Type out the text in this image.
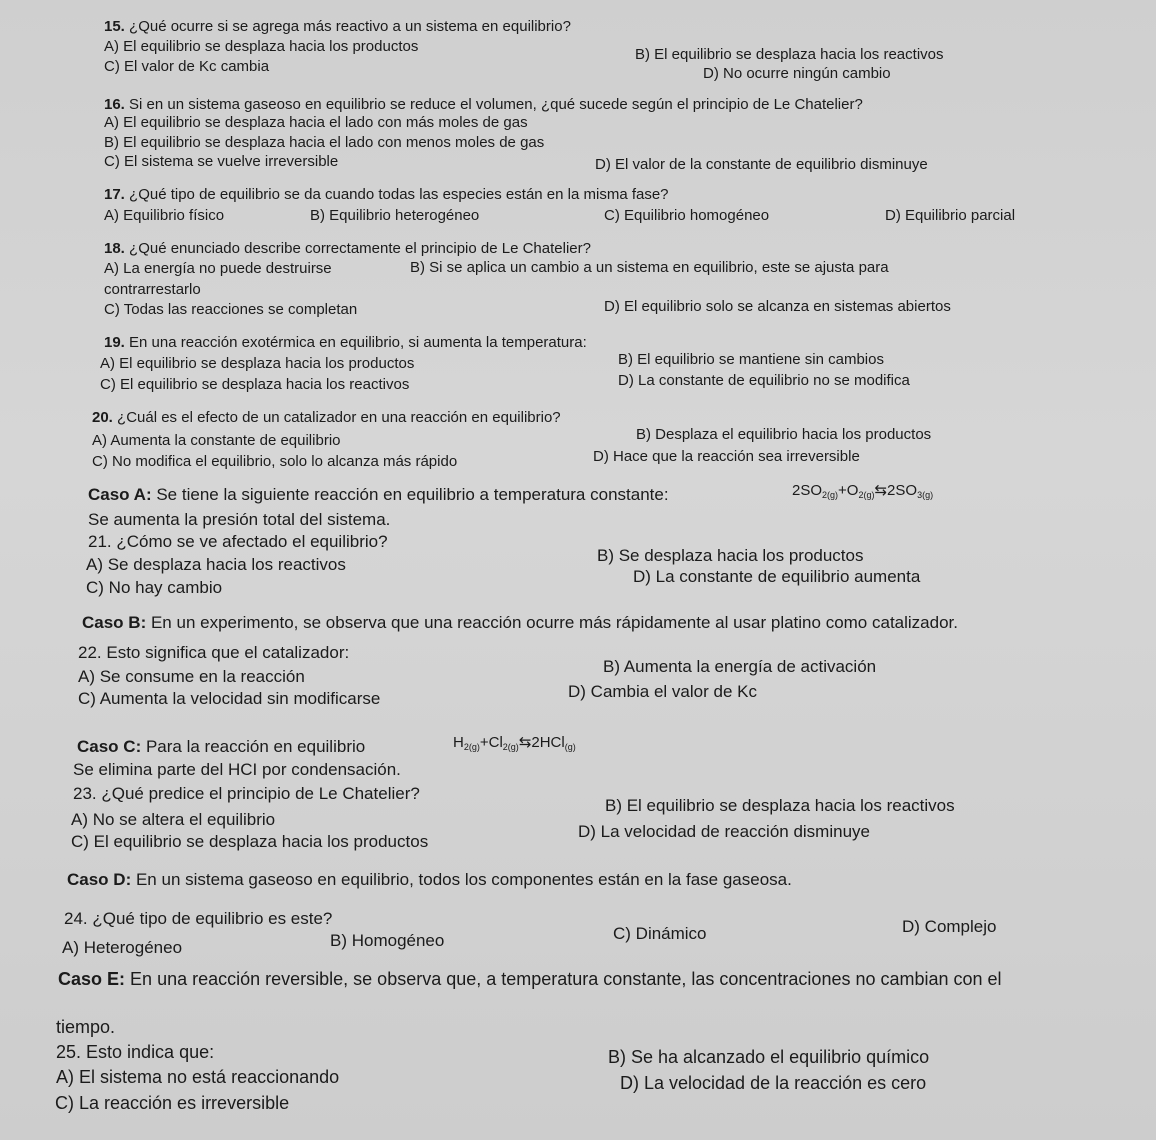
15. ¿Qué ocurre si se agrega más reactivo a un sistema en equilibrio?
A) El equilibrio se desplaza hacia los productos	B) El equilibrio se desplaza hacia los reactivos
C) El valor de Kc cambia	D) No ocurre ningún cambio
16. Si en un sistema gaseoso en equilibrio se reduce el volumen, ¿qué sucede según el principio de Le Chatelier?
A) El equilibrio se desplaza hacia el lado con más moles de gas
B) El equilibrio se desplaza hacia el lado con menos moles de gas
C) El sistema se vuelve irreversible	D) El valor de la constante de equilibrio disminuye
17. ¿Qué tipo de equilibrio se da cuando todas las especies están en la misma fase?
A) Equilibrio físico	B) Equilibrio heterogéneo	C) Equilibrio homogéneo	D) Equilibrio parcial
18. ¿Qué enunciado describe correctamente el principio de Le Chatelier?
A) La energía no puede destruirse	B) Si se aplica un cambio a un sistema en equilibrio, este se ajusta para
contrarrestarlo
C) Todas las reacciones se completan	D) El equilibrio solo se alcanza en sistemas abiertos
19. En una reacción exotérmica en equilibrio, si aumenta la temperatura:
A) El equilibrio se desplaza hacia los productos	B) El equilibrio se mantiene sin cambios
C) El equilibrio se desplaza hacia los reactivos	D) La constante de equilibrio no se modifica
20. ¿Cuál es el efecto de un catalizador en una reacción en equilibrio?
A) Aumenta la constante de equilibrio	B) Desplaza el equilibrio hacia los productos
C) No modifica el equilibrio, solo lo alcanza más rápido	D) Hace que la reacción sea irreversible
Caso A: Se tiene la siguiente reacción en equilibrio a temperatura constante:	$2SO_{2(g)}+O_{2(g)}⇆2SO_{3(g)}$
Se aumenta la presión total del sistema.
21. ¿Cómo se ve afectado el equilibrio?
A) Se desplaza hacia los reactivos	B) Se desplaza hacia los productos
C) No hay cambio
D) La constante de equilibrio aumenta
Caso B: En un experimento, se observa que una reacción ocurre más rápidamente al usar platino como catalizador.
22. Esto significa que el catalizador:
A) Se consume en la reacción
B) Aumenta la energía de activación
C) Aumenta la velocidad sin modificarse	D) Cambia el valor de Kc
Caso C: Para la reacción en equilibrio	$H_{2(g)}+Cl_{2(g)}⇆2HCl_{(g)}$
Se elimina parte del HCI por condensación.
23. ¿Qué predice el principio de Le Chatelier?
A) No se altera el equilibrio
B) El equilibrio se desplaza hacia los reactivos
C) El equilibrio se desplaza hacia los productos
D) La velocidad de reacción disminuye
Caso D: En un sistema gaseoso en equilibrio, todos los componentes están en la fase gaseosa.
24. ¿Qué tipo de equilibrio es este?
A) Heterogéneo	B) Homogéneo	C) Dinámico	D) Complejo
Caso E: En una reacción reversible, se observa que, a temperatura constante, las concentraciones no cambian con el
tiempo.
25. Esto indica que:
A) El sistema no está reaccionando
B) Se ha alcanzado el equilibrio químico
C) La reacción es irreversible
D) La velocidad de la reacción es cero
